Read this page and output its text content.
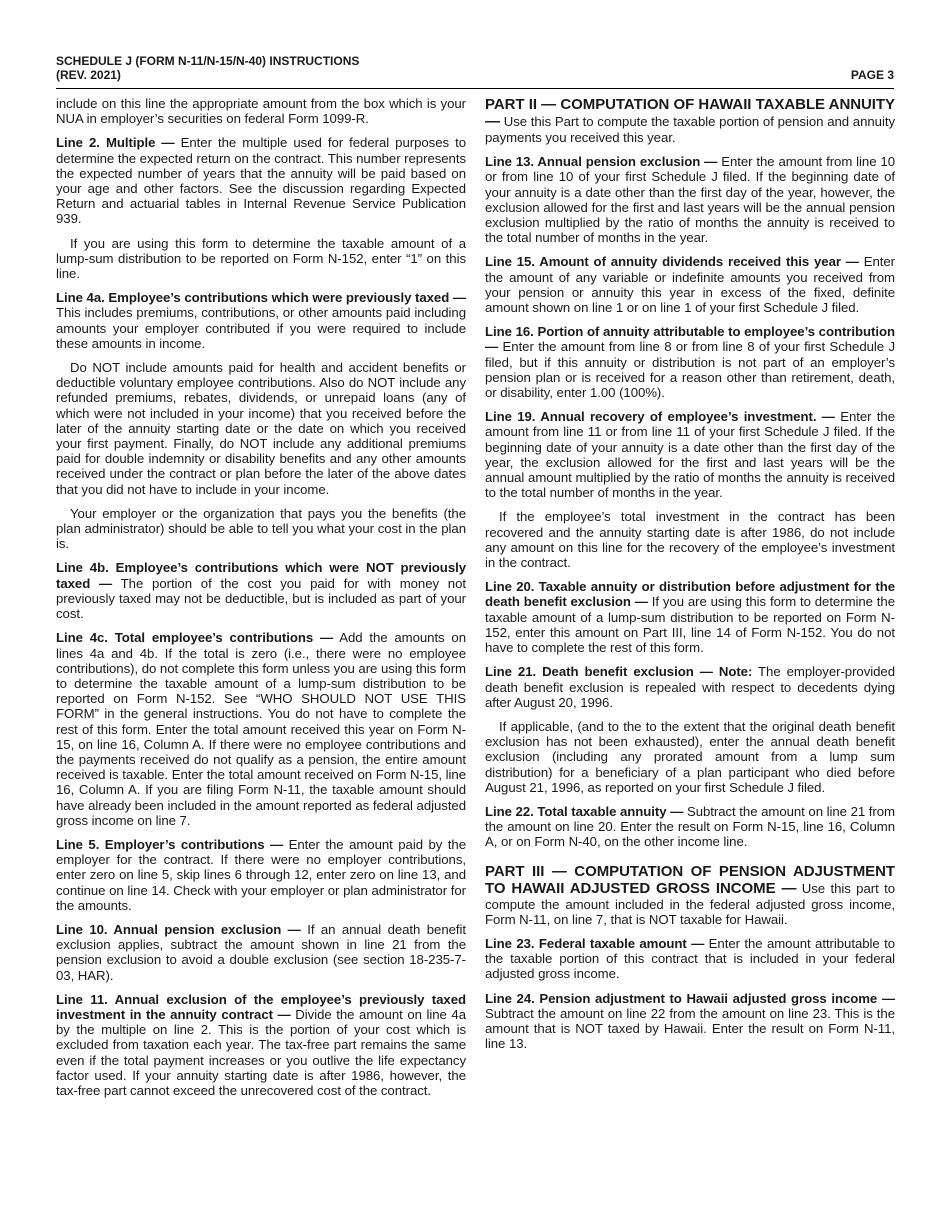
SCHEDULE J (FORM N-11/N-15/N-40) INSTRUCTIONS
(REV. 2021)	PAGE 3

include on this line the appropriate amount from the box which is your NUA in employer’s securities on federal Form 1099-R.

Line 2. Multiple — Enter the multiple used for federal purposes to determine the expected return on the contract. This number represents the expected number of years that the annuity will be paid based on your age and other factors. See the discussion regarding Expected Return and actuarial tables in Internal Revenue Service Publication 939.

If you are using this form to determine the taxable amount of a lump-sum distribution to be reported on Form N-152, enter “1” on this line.

Line 4a. Employee’s contributions which were previously taxed — This includes premiums, contributions, or other amounts paid including amounts your employer contributed if you were required to include these amounts in income.

Do NOT include amounts paid for health and accident benefits or deductible voluntary employee contributions. Also do NOT include any refunded premiums, rebates, dividends, or unrepaid loans (any of which were not included in your income) that you received before the later of the annuity starting date or the date on which you received your first payment. Finally, do NOT include any additional premiums paid for double indemnity or disability benefits and any other amounts received under the contract or plan before the later of the above dates that you did not have to include in your income.

Your employer or the organization that pays you the benefits (the plan administrator) should be able to tell you what your cost in the plan is.

Line 4b. Employee’s contributions which were NOT previously taxed — The portion of the cost you paid for with money not previously taxed may not be deductible, but is included as part of your cost.

Line 4c. Total employee’s contributions — Add the amounts on lines 4a and 4b. If the total is zero (i.e., there were no employee contributions), do not complete this form unless you are using this form to determine the taxable amount of a lump-sum distribution to be reported on Form N-152. See “WHO SHOULD NOT USE THIS FORM” in the general instructions. You do not have to complete the rest of this form. Enter the total amount received this year on Form N-15, on line 16, Column A. If there were no employee contributions and the payments received do not qualify as a pension, the entire amount received is taxable. Enter the total amount received on Form N-15, line 16, Column A. If you are filing Form N-11, the taxable amount should have already been included in the amount reported as federal adjusted gross income on line 7.

Line 5. Employer’s contributions — Enter the amount paid by the employer for the contract. If there were no employer contributions, enter zero on line 5, skip lines 6 through 12, enter zero on line 13, and continue on line 14. Check with your employer or plan administrator for the amounts.

Line 10. Annual pension exclusion — If an annual death benefit exclusion applies, subtract the amount shown in line 21 from the pension exclusion to avoid a double exclusion (see section 18-235-7-03, HAR).

Line 11. Annual exclusion of the employee’s previously taxed investment in the annuity contract — Divide the amount on line 4a by the multiple on line 2. This is the portion of your cost which is excluded from taxation each year. The tax-free part remains the same even if the total payment increases or you outlive the life expectancy factor used. If your annuity starting date is after 1986, however, the tax-free part cannot exceed the unrecovered cost of the contract.

PART II — COMPUTATION OF HAWAII TAXABLE ANNUITY — Use this Part to compute the taxable portion of pension and annuity payments you received this year.

Line 13. Annual pension exclusion — Enter the amount from line 10 or from line 10 of your first Schedule J filed. If the beginning date of your annuity is a date other than the first day of the year, however, the exclusion allowed for the first and last years will be the annual pension exclusion multiplied by the ratio of months the annuity is received to the total number of months in the year.

Line 15. Amount of annuity dividends received this year — Enter the amount of any variable or indefinite amounts you received from your pension or annuity this year in excess of the fixed, definite amount shown on line 1 or on line 1 of your first Schedule J filed.

Line 16. Portion of annuity attributable to employee’s contribution — Enter the amount from line 8 or from line 8 of your first Schedule J filed, but if this annuity or distribution is not part of an employer’s pension plan or is received for a reason other than retirement, death, or disability, enter 1.00 (100%).

Line 19. Annual recovery of employee’s investment. — Enter the amount from line 11 or from line 11 of your first Schedule J filed. If the beginning date of your annuity is a date other than the first day of the year, the exclusion allowed for the first and last years will be the annual amount multiplied by the ratio of months the annuity is received to the total number of months in the year.

If the employee’s total investment in the contract has been recovered and the annuity starting date is after 1986, do not include any amount on this line for the recovery of the employee’s investment in the contract.

Line 20. Taxable annuity or distribution before adjustment for the death benefit exclusion — If you are using this form to determine the taxable amount of a lump-sum distribution to be reported on Form N-152, enter this amount on Part III, line 14 of Form N-152. You do not have to complete the rest of this form.

Line 21. Death benefit exclusion — Note: The employer-provided death benefit exclusion is repealed with respect to decedents dying after August 20, 1996.

If applicable, (and to the to the extent that the original death benefit exclusion has not been exhausted), enter the annual death benefit exclusion (including any prorated amount from a lump sum distribution) for a beneficiary of a plan participant who died before August 21, 1996, as reported on your first Schedule J filed.

Line 22. Total taxable annuity — Subtract the amount on line 21 from the amount on line 20. Enter the result on Form N-15, line 16, Column A, or on Form N-40, on the other income line.

PART III — COMPUTATION OF PENSION ADJUSTMENT TO HAWAII ADJUSTED GROSS INCOME — Use this part to compute the amount included in the federal adjusted gross income, Form N-11, on line 7, that is NOT taxable for Hawaii.

Line 23. Federal taxable amount — Enter the amount attributable to the taxable portion of this contract that is included in your federal adjusted gross income.

Line 24. Pension adjustment to Hawaii adjusted gross income — Subtract the amount on line 22 from the amount on line 23. This is the amount that is NOT taxed by Hawaii. Enter the result on Form N-11, line 13.
